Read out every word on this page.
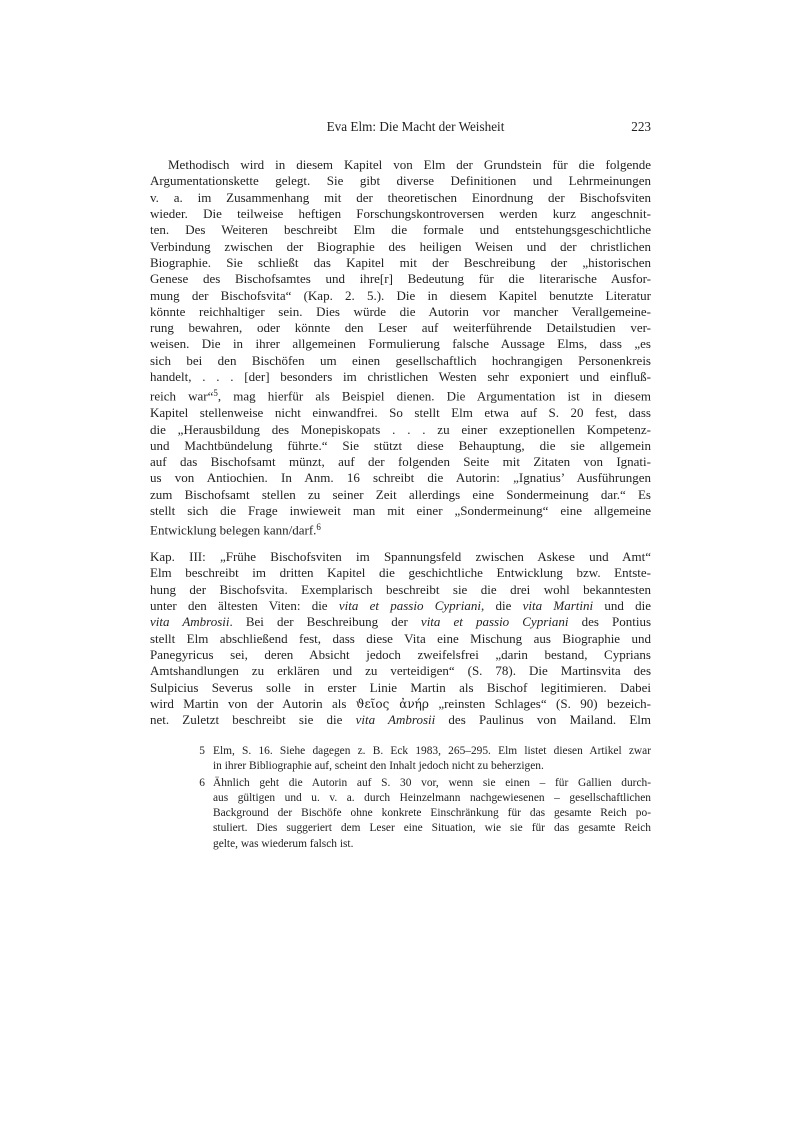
Eva Elm: Die Macht der Weisheit	223
Methodisch wird in diesem Kapitel von Elm der Grundstein für die folgende
Argumentationskette gelegt. Sie gibt diverse Definitionen und Lehrmeinungen
v. a. im Zusammenhang mit der theoretischen Einordnung der Bischofsviten
wieder. Die teilweise heftigen Forschungskontroversen werden kurz angeschnit-
ten. Des Weiteren beschreibt Elm die formale und entstehungsgeschichtliche
Verbindung zwischen der Biographie des heiligen Weisen und der christlichen
Biographie. Sie schließt das Kapitel mit der Beschreibung der „historischen
Genese des Bischofsamtes und ihre[r] Bedeutung für die literarische Ausfor-
mung der Bischofsvita“ (Kap. 2. 5.). Die in diesem Kapitel benutzte Literatur
könnte reichhaltiger sein. Dies würde die Autorin vor mancher Verallgemeine-
rung bewahren, oder könnte den Leser auf weiterführende Detailstudien ver-
weisen. Die in ihrer allgemeinen Formulierung falsche Aussage Elms, dass „es
sich bei den Bischöfen um einen gesellschaftlich hochrangigen Personenkreis
handelt, . . . [der] besonders im christlichen Westen sehr exponiert und einfluß-
reich war“$^5$, mag hierfür als Beispiel dienen. Die Argumentation ist in diesem
Kapitel stellenweise nicht einwandfrei. So stellt Elm etwa auf S. 20 fest, dass
die „Herausbildung des Monepiskopats . . . zu einer exzeptionellen Kompetenz-
und Machtbündelung führte.“ Sie stützt diese Behauptung, die sie allgemein
auf das Bischofsamt münzt, auf der folgenden Seite mit Zitaten von Ignati-
us von Antiochien. In Anm. 16 schreibt die Autorin: „Ignatius’ Ausführungen
zum Bischofsamt stellen zu seiner Zeit allerdings eine Sondermeinung dar.“ Es
stellt sich die Frage inwieweit man mit einer „Sondermeinung“ eine allgemeine
Entwicklung belegen kann/darf.$^6$
Kap. III: „Frühe Bischofsviten im Spannungsfeld zwischen Askese und Amt“
Elm beschreibt im dritten Kapitel die geschichtliche Entwicklung bzw. Entste-
hung der Bischofsvita. Exemplarisch beschreibt sie die drei wohl bekanntesten
unter den ältesten Viten: die vita et passio Cypriani, die vita Martini und die
vita Ambrosii. Bei der Beschreibung der vita et passio Cypriani des Pontius
stellt Elm abschließend fest, dass diese Vita eine Mischung aus Biographie und
Panegyricus sei, deren Absicht jedoch zweifelsfrei „darin bestand, Cyprians
Amtshandlungen zu erklären und zu verteidigen“ (S. 78). Die Martinsvita des
Sulpicius Severus solle in erster Linie Martin als Bischof legitimieren. Dabei
wird Martin von der Autorin als ϑεῖος ἀνήρ „reinsten Schlages“ (S. 90) bezeich-
net. Zuletzt beschreibt sie die vita Ambrosii des Paulinus von Mailand. Elm
5 Elm, S. 16. Siehe dagegen z. B. Eck 1983, 265–295. Elm listet diesen Artikel zwar
in ihrer Bibliographie auf, scheint den Inhalt jedoch nicht zu beherzigen.
6 Ähnlich geht die Autorin auf S. 30 vor, wenn sie einen – für Gallien durch-
aus gültigen und u. v. a. durch Heinzelmann nachgewiesenen – gesellschaftlichen
Background der Bischöfe ohne konkrete Einschränkung für das gesamte Reich po-
stuliert. Dies suggeriert dem Leser eine Situation, wie sie für das gesamte Reich
gelte, was wiederum falsch ist.
